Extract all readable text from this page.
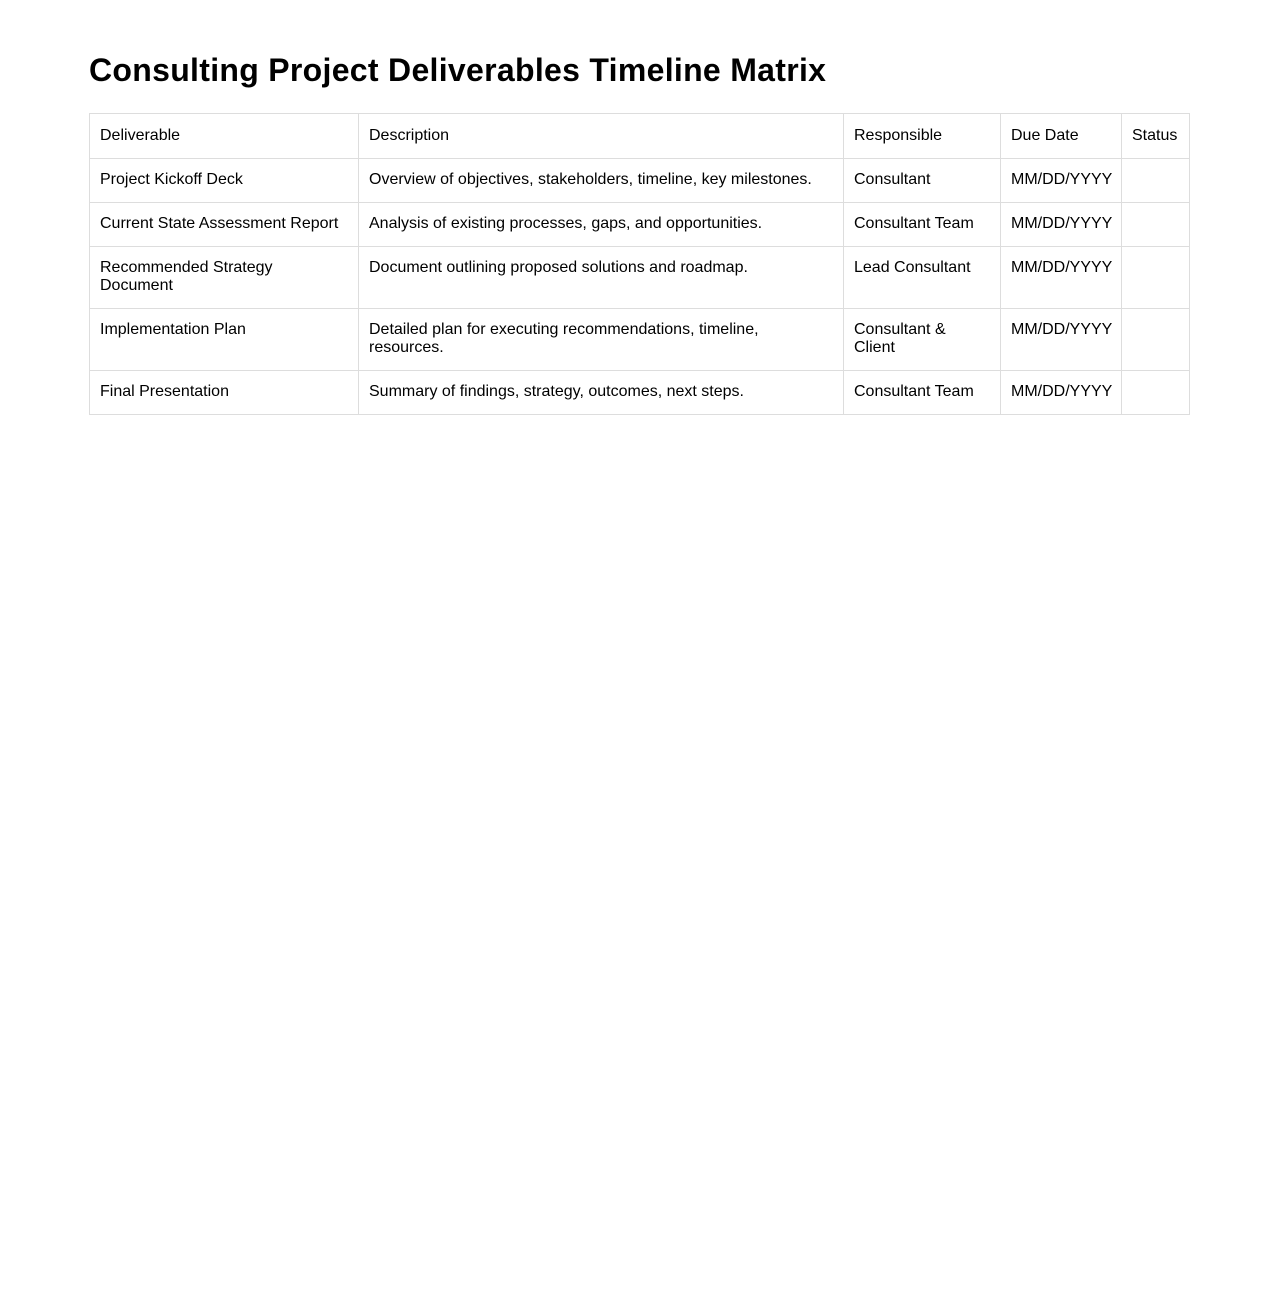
Consulting Project Deliverables Timeline Matrix
Deliverable	Description	Responsible	Due Date	Status
Project Kickoff Deck	Overview of objectives, stakeholders, timeline, key milestones.	Consultant	MM/DD/YYYY	
Current State Assessment Report	Analysis of existing processes, gaps, and opportunities.	Consultant Team	MM/DD/YYYY	
Recommended Strategy Document	Document outlining proposed solutions and roadmap.	Lead Consultant	MM/DD/YYYY	
Implementation Plan	Detailed plan for executing recommendations, timeline, resources.	Consultant & Client	MM/DD/YYYY	
Final Presentation	Summary of findings, strategy, outcomes, next steps.	Consultant Team	MM/DD/YYYY	
